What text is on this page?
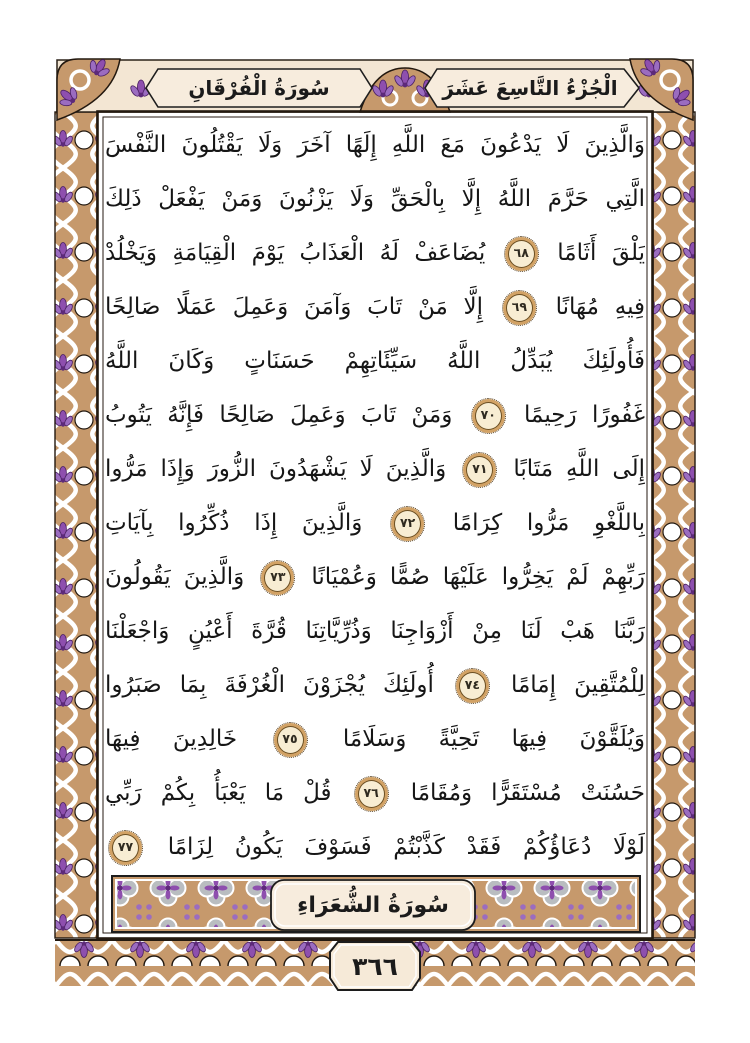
الْجُزْءُ التَّاسِعَ عَشَرَ
سُورَةُ الْفُرْقَانِ
وَالَّذِينَ لَا يَدْعُونَ مَعَ اللَّهِ إِلَهًا آخَرَ وَلَا يَقْتُلُونَ النَّفْسَ
الَّتِي حَرَّمَ اللَّهُ إِلَّا بِالْحَقِّ وَلَا يَزْنُونَ وَمَنْ يَفْعَلْ ذَلِكَ
يَلْقَ أَثَامًا ٦٨ يُضَاعَفْ لَهُ الْعَذَابُ يَوْمَ الْقِيَامَةِ وَيَخْلُدْ
فِيهِ مُهَانًا ٦٩ إِلَّا مَنْ تَابَ وَآمَنَ وَعَمِلَ عَمَلًا صَالِحًا
فَأُولَئِكَ يُبَدِّلُ اللَّهُ سَيِّئَاتِهِمْ حَسَنَاتٍ وَكَانَ اللَّهُ
غَفُورًا رَحِيمًا ٧٠ وَمَنْ تَابَ وَعَمِلَ صَالِحًا فَإِنَّهُ يَتُوبُ
إِلَى اللَّهِ مَتَابًا ٧١ وَالَّذِينَ لَا يَشْهَدُونَ الزُّورَ وَإِذَا مَرُّوا
بِاللَّغْوِ مَرُّوا كِرَامًا ٧٢ وَالَّذِينَ إِذَا ذُكِّرُوا بِآيَاتِ
رَبِّهِمْ لَمْ يَخِرُّوا عَلَيْهَا صُمًّا وَعُمْيَانًا ٧٣ وَالَّذِينَ يَقُولُونَ
رَبَّنَا هَبْ لَنَا مِنْ أَزْوَاجِنَا وَذُرِّيَّاتِنَا قُرَّةَ أَعْيُنٍ وَاجْعَلْنَا
لِلْمُتَّقِينَ إِمَامًا ٧٤ أُولَئِكَ يُجْزَوْنَ الْغُرْفَةَ بِمَا صَبَرُوا
وَيُلَقَّوْنَ فِيهَا تَحِيَّةً وَسَلَامًا ٧٥ خَالِدِينَ فِيهَا
حَسُنَتْ مُسْتَقَرًّا وَمُقَامًا ٧٦ قُلْ مَا يَعْبَأُ بِكُمْ رَبِّي
لَوْلَا دُعَاؤُكُمْ فَقَدْ كَذَّبْتُمْ فَسَوْفَ يَكُونُ لِزَامًا ٧٧
سُورَةُ الشُّعَرَاءِ
٣٦٦
